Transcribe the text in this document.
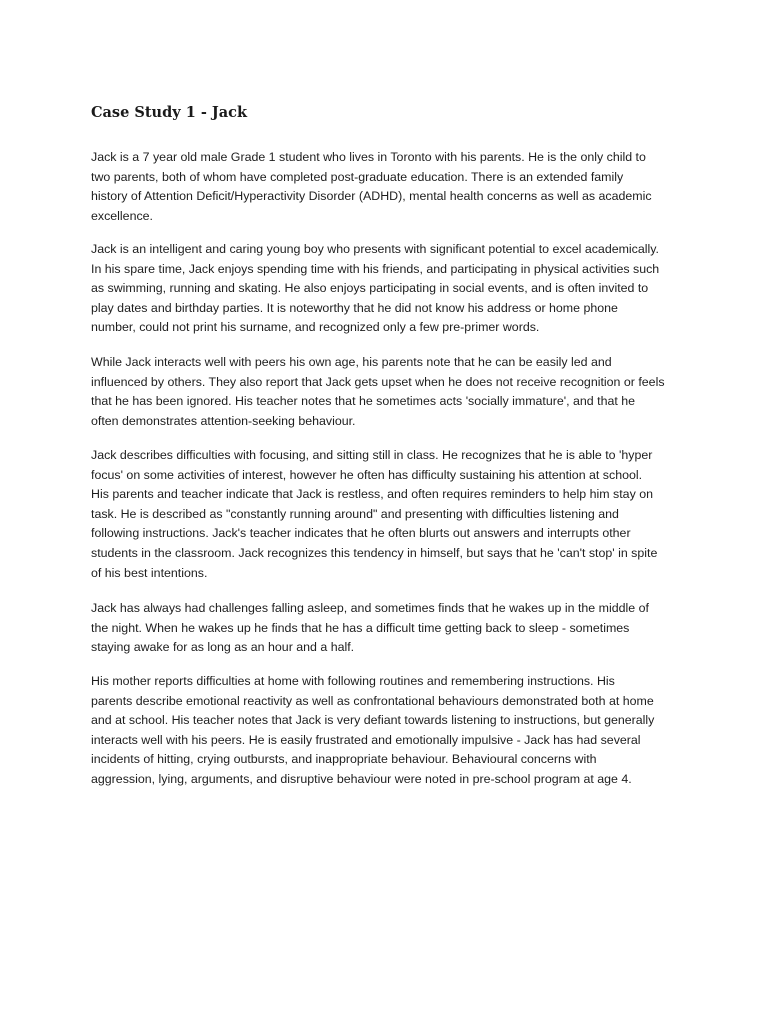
Case Study 1 - Jack
Jack is a 7 year old male Grade 1 student who lives in Toronto with his parents. He is the only child to
two parents, both of whom have completed post-graduate education. There is an extended family
history of Attention Deficit/Hyperactivity Disorder (ADHD), mental health concerns as well as academic
excellence.
Jack is an intelligent and caring young boy who presents with significant potential to excel academically.
In his spare time, Jack enjoys spending time with his friends, and participating in physical activities such
as swimming, running and skating. He also enjoys participating in social events, and is often invited to
play dates and birthday parties. It is noteworthy that he did not know his address or home phone
number, could not print his surname, and recognized only a few pre-primer words.
While Jack interacts well with peers his own age, his parents note that he can be easily led and
influenced by others. They also report that Jack gets upset when he does not receive recognition or feels
that he has been ignored. His teacher notes that he sometimes acts 'socially immature', and that he
often demonstrates attention-seeking behaviour.
Jack describes difficulties with focusing, and sitting still in class. He recognizes that he is able to 'hyper
focus' on some activities of interest, however he often has difficulty sustaining his attention at school.
His parents and teacher indicate that Jack is restless, and often requires reminders to help him stay on
task. He is described as "constantly running around" and presenting with difficulties listening and
following instructions. Jack's teacher indicates that he often blurts out answers and interrupts other
students in the classroom. Jack recognizes this tendency in himself, but says that he 'can't stop' in spite
of his best intentions.
Jack has always had challenges falling asleep, and sometimes finds that he wakes up in the middle of
the night. When he wakes up he finds that he has a difficult time getting back to sleep - sometimes
staying awake for as long as an hour and a half.
His mother reports difficulties at home with following routines and remembering instructions. His
parents describe emotional reactivity as well as confrontational behaviours demonstrated both at home
and at school. His teacher notes that Jack is very defiant towards listening to instructions, but generally
interacts well with his peers. He is easily frustrated and emotionally impulsive - Jack has had several
incidents of hitting, crying outbursts, and inappropriate behaviour. Behavioural concerns with
aggression, lying, arguments, and disruptive behaviour were noted in pre-school program at age 4.
